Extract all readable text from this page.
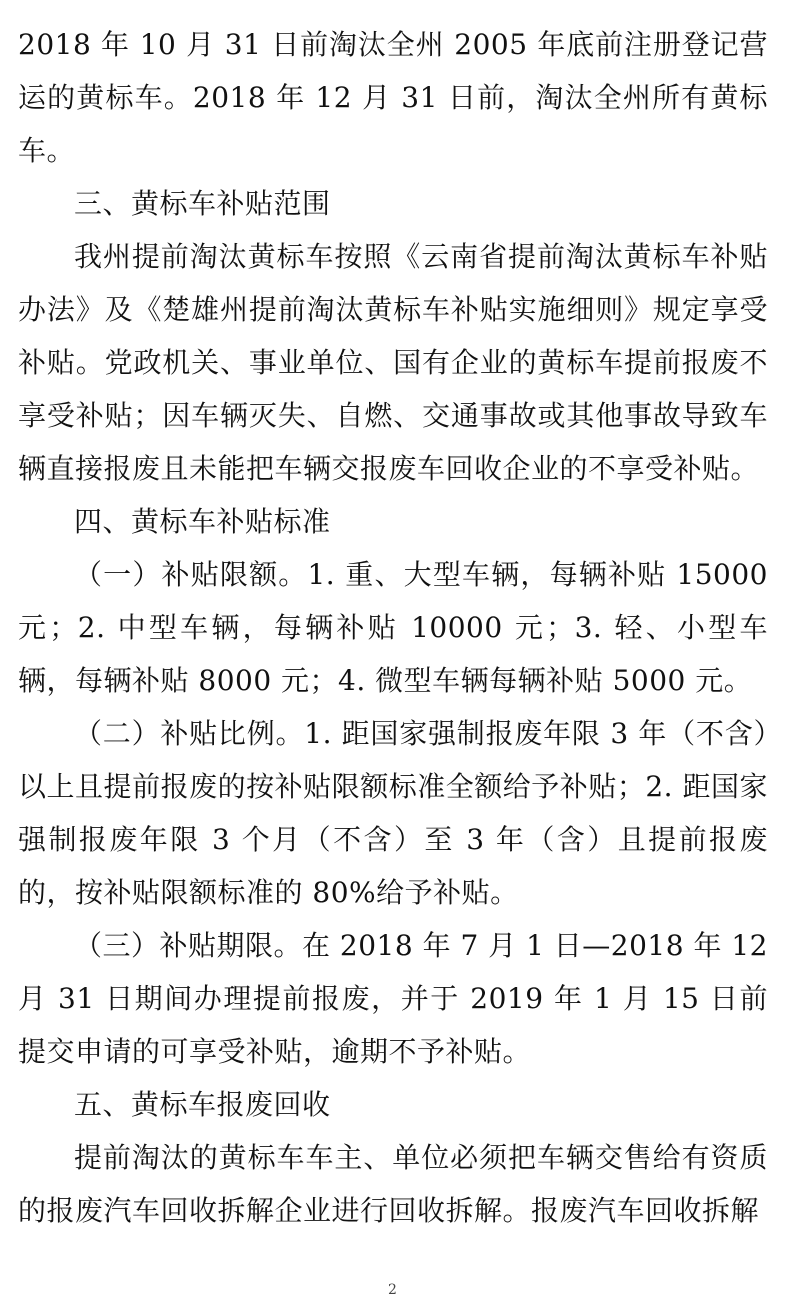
2018 年 10 月 31 日前淘汰全州 2005 年底前注册登记营运的黄标车。2018 年 12 月 31 日前，淘汰全州所有黄标车。

三、黄标车补贴范围

我州提前淘汰黄标车按照《云南省提前淘汰黄标车补贴办法》及《楚雄州提前淘汰黄标车补贴实施细则》规定享受补贴。党政机关、事业单位、国有企业的黄标车提前报废不享受补贴；因车辆灭失、自燃、交通事故或其他事故导致车辆直接报废且未能把车辆交报废车回收企业的不享受补贴。

四、黄标车补贴标准

（一）补贴限额。1. 重、大型车辆，每辆补贴 15000 元；2. 中型车辆，每辆补贴 10000 元；3. 轻、小型车辆，每辆补贴 8000 元；4. 微型车辆每辆补贴 5000 元。

（二）补贴比例。1. 距国家强制报废年限 3 年（不含）以上且提前报废的按补贴限额标准全额给予补贴；2. 距国家强制报废年限 3 个月（不含）至 3 年（含）且提前报废的，按补贴限额标准的 80%给予补贴。

（三）补贴期限。在 2018 年 7 月 1 日—2018 年 12 月 31 日期间办理提前报废，并于 2019 年 1 月 15 日前提交申请的可享受补贴，逾期不予补贴。

五、黄标车报废回收

提前淘汰的黄标车车主、单位必须把车辆交售给有资质的报废汽车回收拆解企业进行回收拆解。报废汽车回收拆解

2
